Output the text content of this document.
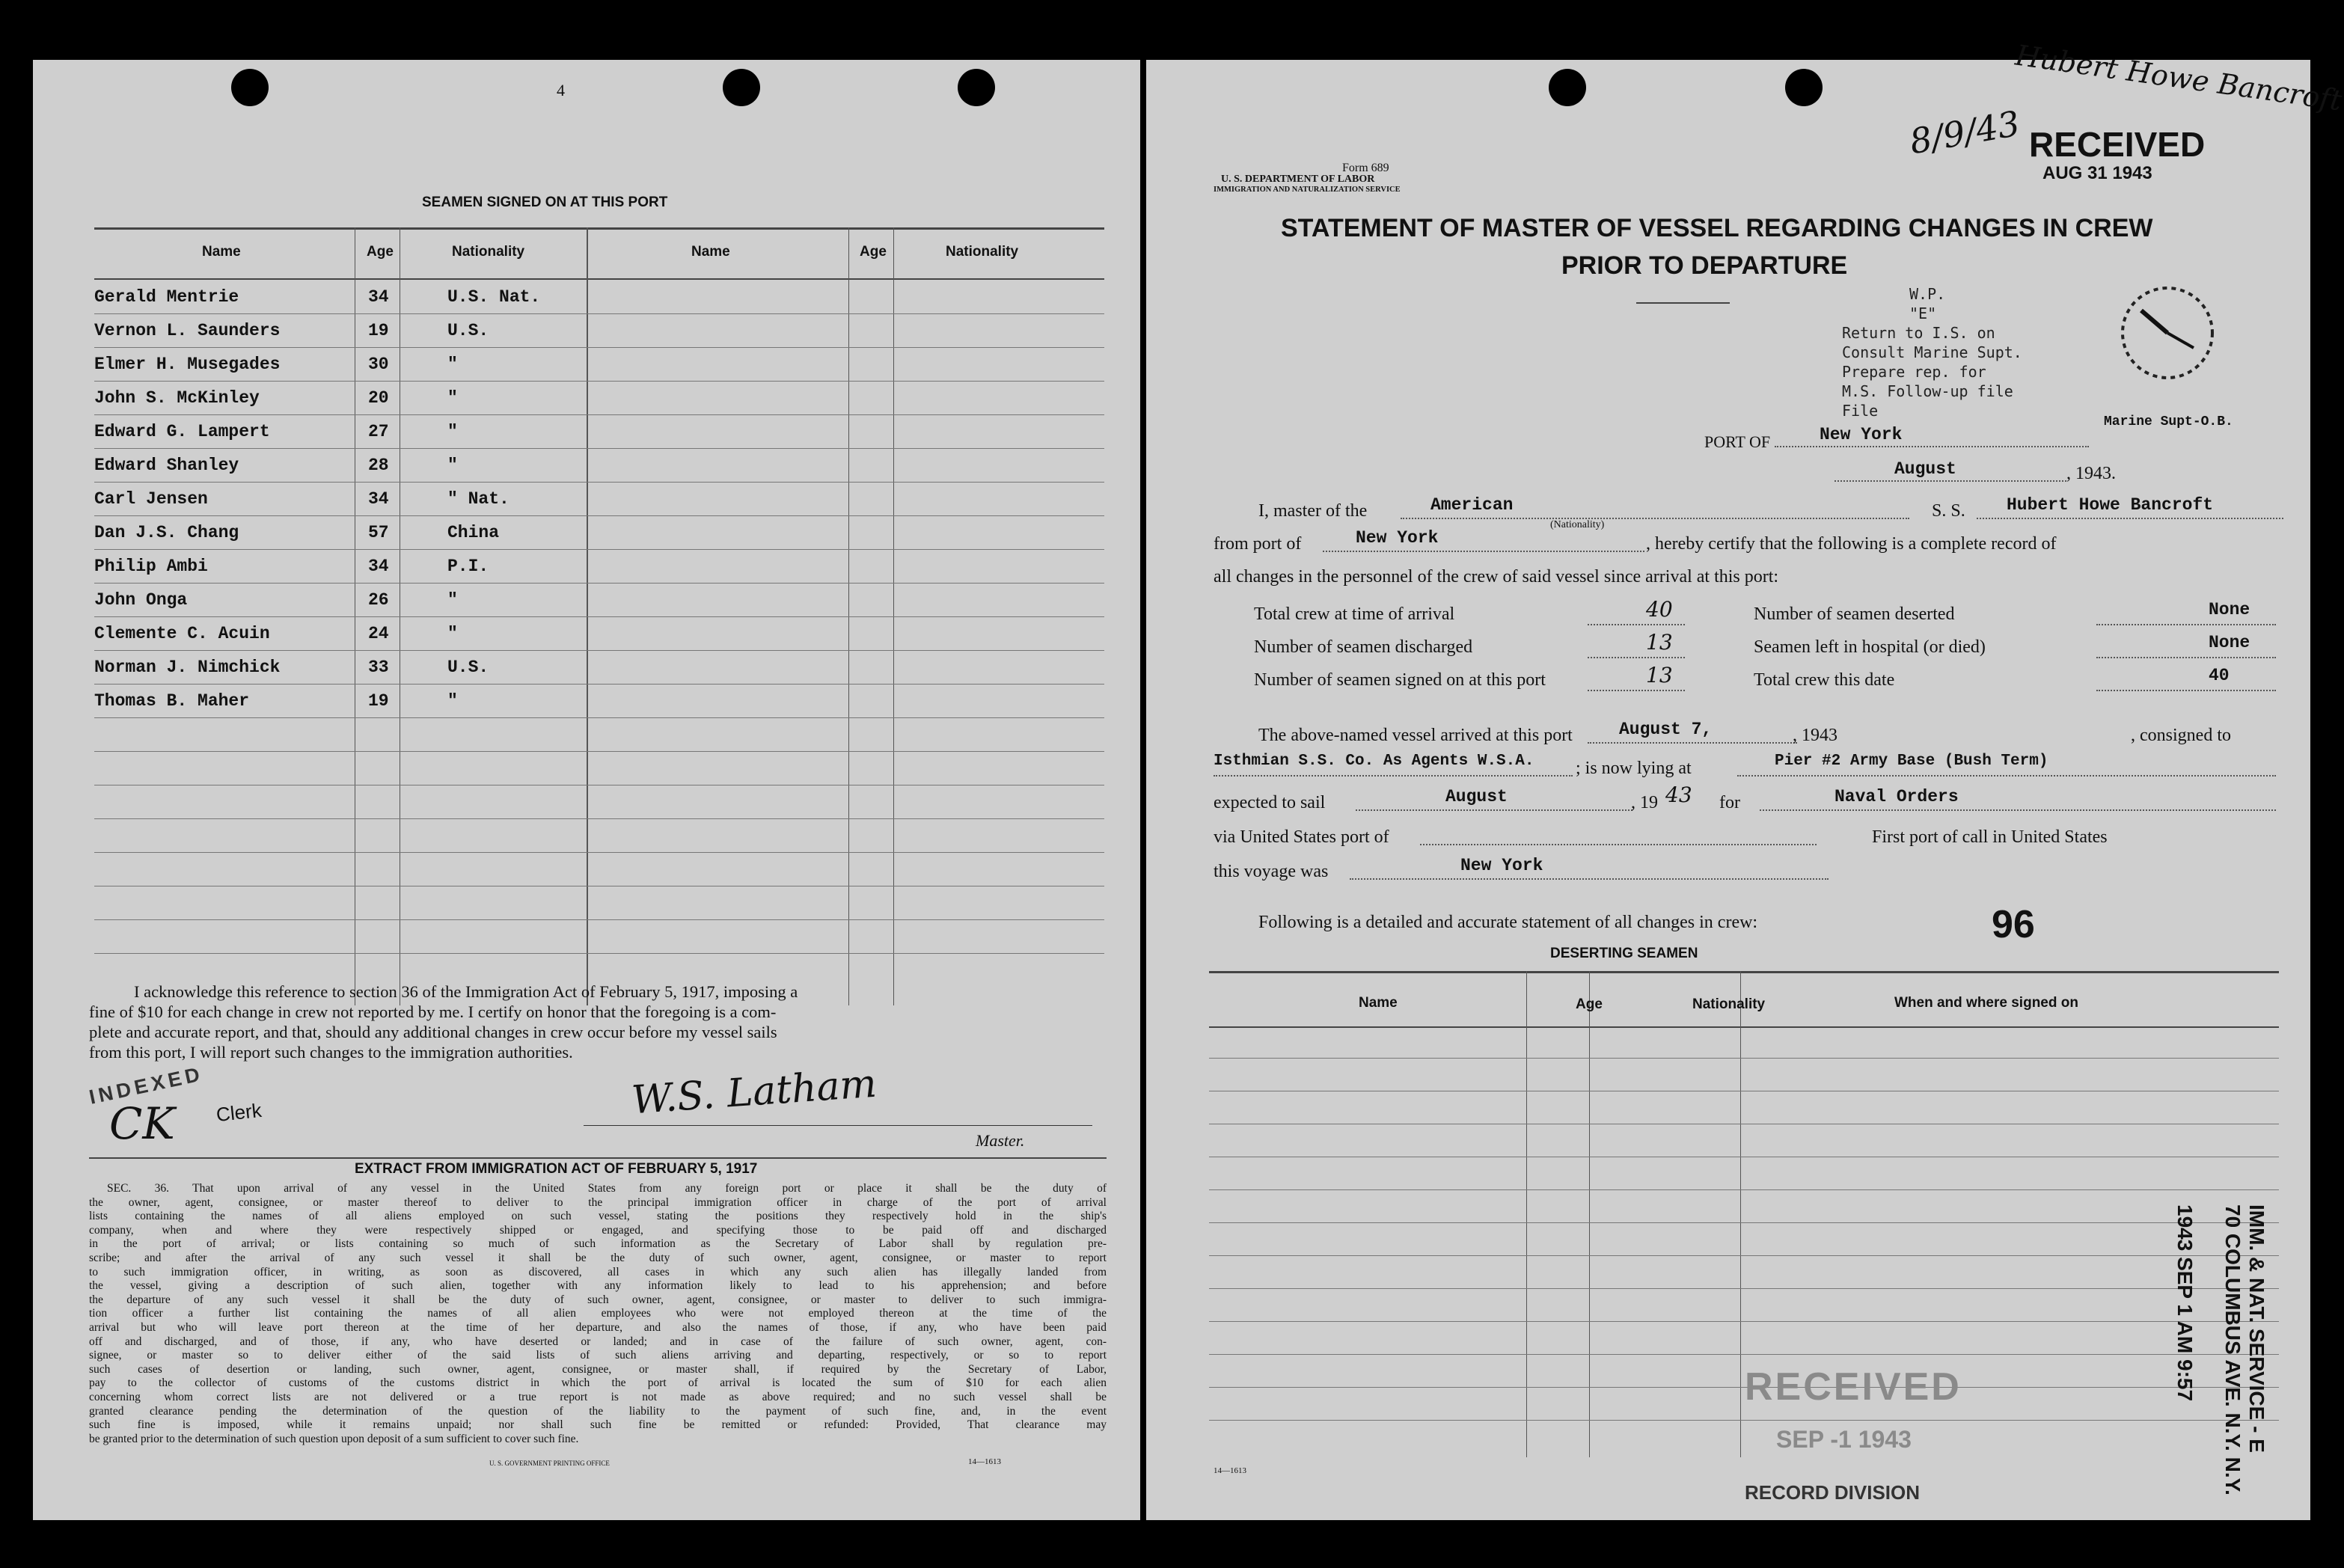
4
SEAMEN SIGNED ON AT THIS PORT
Name	Age	Nationality	Name	Age	Nationality
Gerald Mentrie	34	U.S. Nat.
Vernon L. Saunders	19	U.S.
Elmer H. Musegades	30	"
John S. McKinley	20	"
Edward G. Lampert	27	"
Edward Shanley	28	"
Carl Jensen	34	" Nat.
Dan J.S. Chang	57	China
Philip Ambi	34	P.I.
John Onga	26	"
Clemente C. Acuin	24	"
Norman J. Nimchick	33	U.S.
Thomas B. Maher	19	"
I acknowledge this reference to section 36 of the Immigration Act of February 5, 1917, imposing a
fine of $10 for each change in crew not reported by me. I certify on honor that the foregoing is a com-
plete and accurate report, and that, should any additional changes in crew occur before my vessel sails
from this port, I will report such changes to the immigration authorities.
INDEXED
CK Clerk	W.S. Latham
Master.
EXTRACT FROM IMMIGRATION ACT OF FEBRUARY 5, 1917
SEC. 36. That upon arrival of any vessel in the United States from any foreign port or place it shall be the duty of
the owner, agent, consignee, or master thereof to deliver to the principal immigration officer in charge of the port of arrival
lists containing the names of all aliens employed on such vessel, stating the positions they respectively hold in the ship's
company, when and where they were respectively shipped or engaged, and specifying those to be paid off and discharged
in the port of arrival; or lists containing so much of such information as the Secretary of Labor shall by regulation pre-
scribe; and after the arrival of any such vessel it shall be the duty of such owner, agent, consignee, or master to report
to such immigration officer, in writing, as soon as discovered, all cases in which any such alien has illegally landed from
the vessel, giving a description of such alien, together with any information likely to lead to his apprehension; and before
the departure of any such vessel it shall be the duty of such owner, agent, consignee, or master to deliver to such immigra-
tion officer a further list containing the names of all alien employees who were not employed thereon at the time of the
arrival but who will leave port thereon at the time of her departure, and also the names of those, if any, who have been paid
off and discharged, and of those, if any, who have deserted or landed; and in case of the failure of such owner, agent, con-
signee, or master so to deliver either of the said lists of such aliens arriving and departing, respectively, or so to report
such cases of desertion or landing, such owner, agent, consignee, or master shall, if required by the Secretary of Labor,
pay to the collector of customs of the customs district in which the port of arrival is located the sum of $10 for each alien
concerning whom correct lists are not delivered or a true report is not made as above required; and no such vessel shall be
granted clearance pending the determination of the question of the liability to the payment of such fine, and, in the event
such fine is imposed, while it remains unpaid; nor shall such fine be remitted or refunded: Provided, That clearance may
be granted prior to the determination of such question upon deposit of a sum sufficient to cover such fine.
U. S. GOVERNMENT PRINTING OFFICE	14—1613
Hubert Howe Bancroft
8/9/43 RECEIVED
AUG 31 1943
Form 689
U. S. DEPARTMENT OF LABOR
IMMIGRATION AND NATURALIZATION SERVICE
STATEMENT OF MASTER OF VESSEL REGARDING CHANGES IN CREW
PRIOR TO DEPARTURE
W.P.
"E"
Return to I.S. on
Consult Marine Supt.
Prepare rep. for
M.S. Follow-up file
File
Marine Supt-O.B.
PORT OF	New York
August	, 1943.
I, master of the	American	S. S. Hubert Howe Bancroft
(Nationality)
from port of	New York	, hereby certify that the following is a complete record of
all changes in the personnel of the crew of said vessel since arrival at this port:
Total crew at time of arrival	40	Number of seamen deserted	None
Number of seamen discharged	13	Seamen left in hospital (or died)	None
Number of seamen signed on at this port	13	Total crew this date	40
The above-named vessel arrived at this port	August 7,	, 1943	, consigned to
Isthmian S.S. Co. As Agents W.S.A. ; is now lying at	Pier #2 Army Base (Bush Term)
expected to sail	August	, 19 43 for	Naval Orders
via United States port of	First port of call in United States
this voyage was	New York
Following is a detailed and accurate statement of all changes in crew:	96
DESERTING SEAMEN
Name	Age	Nationality	When and where signed on
IMM. & NAT. SERVICE - E
70 COLUMBUS AVE. N.Y. N.Y.
1943 SEP 1 AM 9:57
RECEIVED
SEP -1 1943
RECORD DIVISION
14—1613
